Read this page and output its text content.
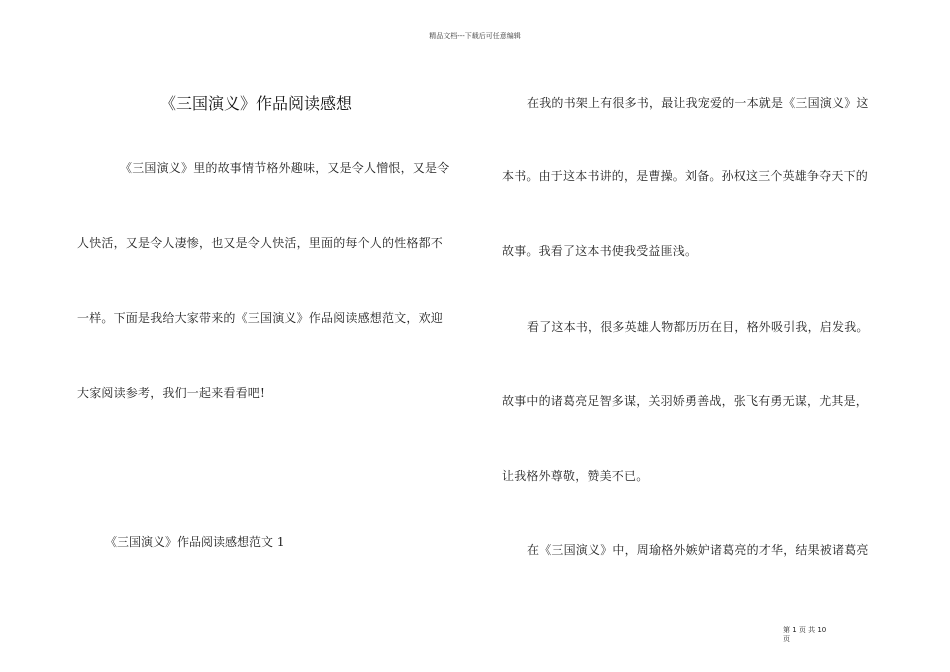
精品文档---下载后可任意编辑
《三国演义》作品阅读感想
《三国演义》里的故事情节格外趣味，又是令人憎恨，又是令
人快活，又是令人凄惨，也又是令人快活，里面的每个人的性格都不
一样。下面是我给大家带来的《三国演义》作品阅读感想范文，欢迎
大家阅读参考，我们一起来看看吧!
《三国演义》作品阅读感想范文 1
在我的书架上有很多书，最让我宠爱的一本就是《三国演义》这
本书。由于这本书讲的，是曹操。刘备。孙权这三个英雄争夺天下的
故事。我看了这本书使我受益匪浅。
看了这本书，很多英雄人物都历历在目，格外吸引我，启发我。
故事中的诸葛亮足智多谋，关羽娇勇善战，张飞有勇无谋，尤其是，
让我格外尊敬，赞美不已。
在《三国演义》中，周瑜格外嫉妒诸葛亮的才华，结果被诸葛亮
第 1 页 共 10 页
